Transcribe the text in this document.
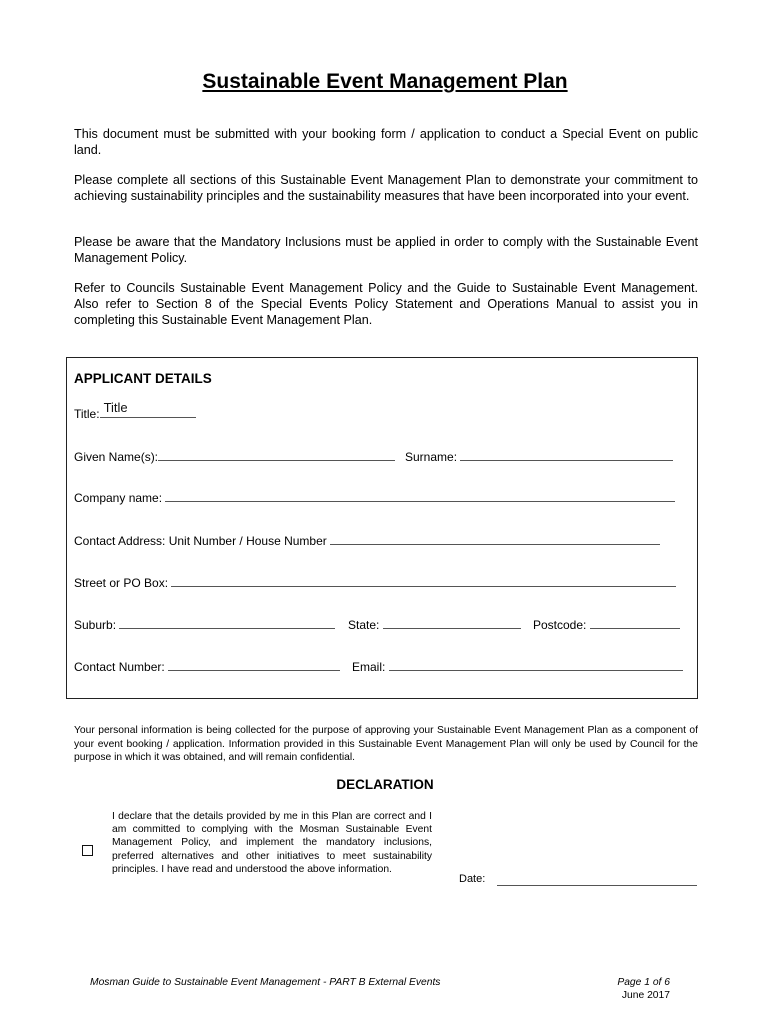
Sustainable Event Management Plan

This document must be submitted with your booking form / application to conduct a Special Event on public land.

Please complete all sections of this Sustainable Event Management Plan to demonstrate your commitment to achieving sustainability principles and the sustainability measures that have been incorporated into your event.

Please be aware that the Mandatory Inclusions must be applied in order to comply with the Sustainable Event Management Policy.

Refer to Councils Sustainable Event Management Policy and the Guide to Sustainable Event Management. Also refer to Section 8 of the Special Events Policy Statement and Operations Manual to assist you in completing this Sustainable Event Management Plan.

APPLICANT DETAILS
Title: Title
Given Name(s):	Surname:
Company name:
Contact Address: Unit Number / House Number
Street or PO Box:
Suburb:	State:	Postcode:
Contact Number:	Email:

Your personal information is being collected for the purpose of approving your Sustainable Event Management Plan as a component of your event booking / application. Information provided in this Sustainable Event Management Plan will only be used by Council for the purpose in which it was obtained, and will remain confidential.

DECLARATION

I declare that the details provided by me in this Plan are correct and I am committed to complying with the Mosman Sustainable Event Management Policy, and implement the mandatory inclusions, preferred alternatives and other initiatives to meet sustainability principles. I have read and understood the above information.

Date:
Mosman Guide to Sustainable Event Management - PART B External Events	Page 1 of 6
June 2017
